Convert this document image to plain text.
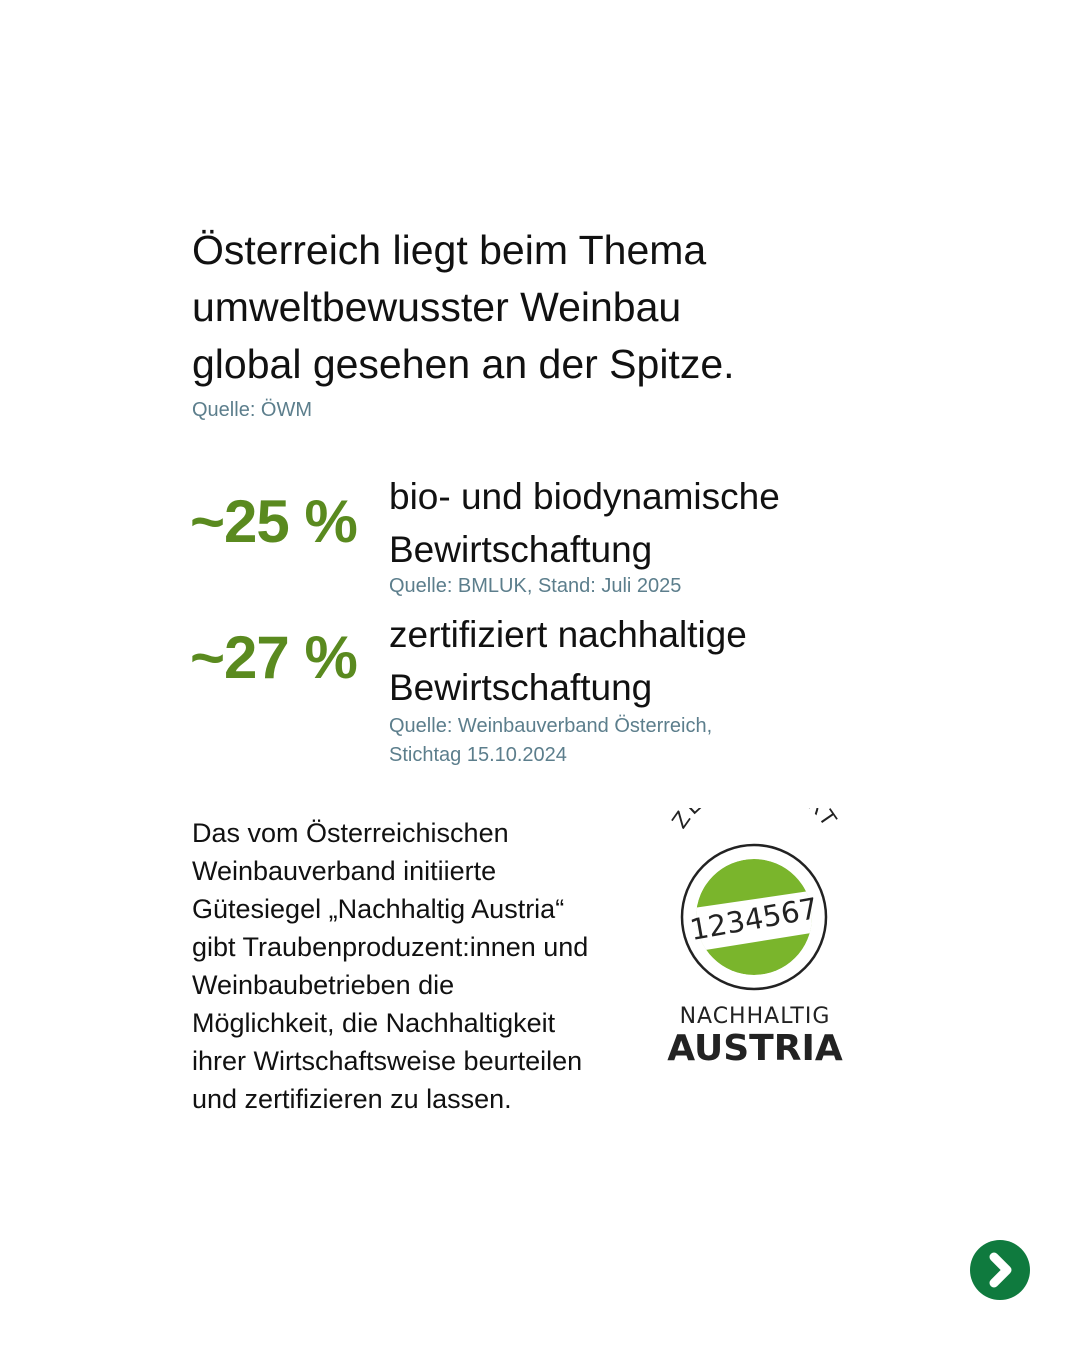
Österreich liegt beim Thema
umweltbewusster Weinbau
global gesehen an der Spitze.
Quelle: ÖWM
~25 % bio- und biodynamische
Bewirtschaftung
Quelle: BMLUK, Stand: Juli 2025
~27 % zertifiziert nachhaltige
Bewirtschaftung
Quelle: Weinbauverband Österreich,
Stichtag 15.10.2024
Das vom Österreichischen
Weinbauverband initiierte
Gütesiegel „Nachhaltig Austria“
gibt Traubenproduzent:innen und
Weinbaubetrieben die
Möglichkeit, die Nachhaltigkeit
ihrer Wirtschaftsweise beurteilen
und zertifizieren zu lassen.
Z T
1234567
NACHHALTIG
AUSTRIA
